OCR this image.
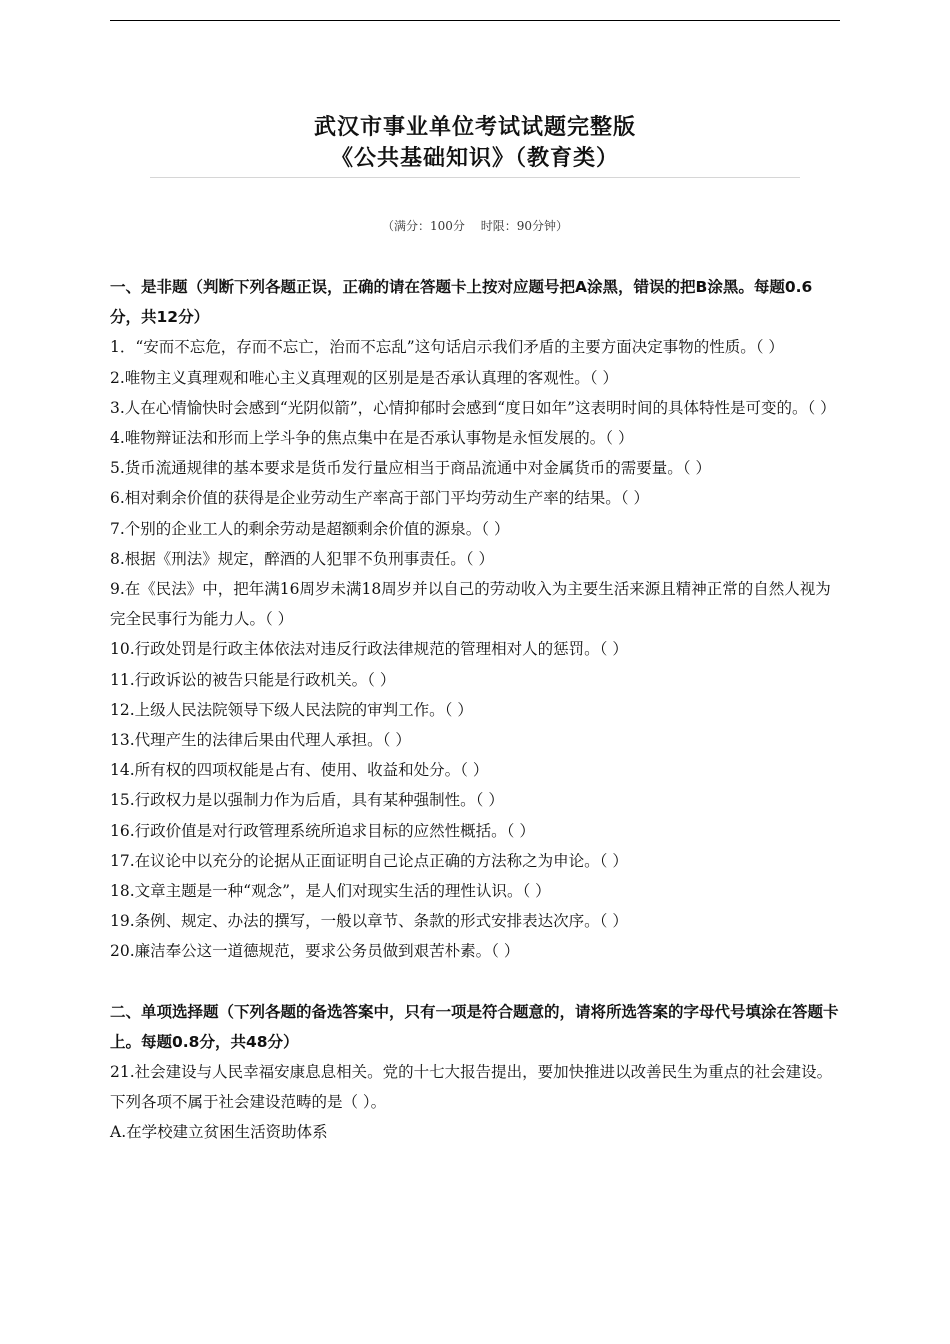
武汉市事业单位考试试题完整版
《公共基础知识》（教育类）
（满分：100分　 时限：90分钟）
一、是非题（判断下列各题正误，正确的请在答题卡上按对应题号把A涂黑，错误的把B涂黑。每题0.6分，共12分）
1．“安而不忘危，存而不忘亡，治而不忘乱”这句话启示我们矛盾的主要方面决定事物的性质。（ ）
2.唯物主义真理观和唯心主义真理观的区别是是否承认真理的客观性。（ ）
3.人在心情愉快时会感到“光阴似箭”，心情抑郁时会感到“度日如年”这表明时间的具体特性是可变的。（ ）
4.唯物辩证法和形而上学斗争的焦点集中在是否承认事物是永恒发展的。（ ）
5.货币流通规律的基本要求是货币发行量应相当于商品流通中对金属货币的需要量。（ ）
6.相对剩余价值的获得是企业劳动生产率高于部门平均劳动生产率的结果。（ ）
7.个别的企业工人的剩余劳动是超额剩余价值的源泉。（ ）
8.根据《刑法》规定，醉酒的人犯罪不负刑事责任。（ ）
9.在《民法》中，把年满16周岁未满18周岁并以自己的劳动收入为主要生活来源且精神正常的自然人视为完全民事行为能力人。（ ）
10.行政处罚是行政主体依法对违反行政法律规范的管理相对人的惩罚。（ ）
11.行政诉讼的被告只能是行政机关。（ ）
12.上级人民法院领导下级人民法院的审判工作。（ ）
13.代理产生的法律后果由代理人承担。（ ）
14.所有权的四项权能是占有、使用、收益和处分。（ ）
15.行政权力是以强制力作为后盾，具有某种强制性。（ ）
16.行政价值是对行政管理系统所追求目标的应然性概括。（ ）
17.在议论中以充分的论据从正面证明自己论点正确的方法称之为申论。（ ）
18.文章主题是一种“观念”，是人们对现实生活的理性认识。（ ）
19.条例、规定、办法的撰写，一般以章节、条款的形式安排表达次序。（ ）
20.廉洁奉公这一道德规范，要求公务员做到艰苦朴素。（ ）
二、单项选择题（下列各题的备选答案中，只有一项是符合题意的，请将所选答案的字母代号填涂在答题卡上。每题0.8分，共48分）
21.社会建设与人民幸福安康息息相关。党的十七大报告提出，要加快推进以改善民生为重点的社会建设。下列各项不属于社会建设范畴的是（ ）。
A.在学校建立贫困生活资助体系
